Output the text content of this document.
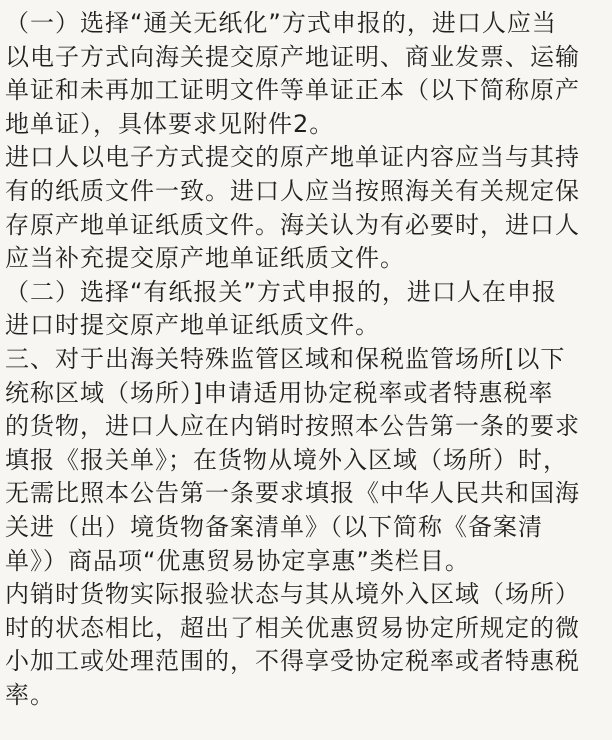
（一）选择“通关无纸化”方式申报的，进口人应当
以电子方式向海关提交原产地证明、商业发票、运输
单证和未再加工证明文件等单证正本（以下简称原产
地单证），具体要求见附件2。

进口人以电子方式提交的原产地单证内容应当与其持
有的纸质文件一致。进口人应当按照海关有关规定保
存原产地单证纸质文件。海关认为有必要时，进口人
应当补充提交原产地单证纸质文件。

（二）选择“有纸报关”方式申报的，进口人在申报
进口时提交原产地单证纸质文件。

三、对于出海关特殊监管区域和保税监管场所[以下
统称区域（场所）]申请适用协定税率或者特惠税率
的货物，进口人应在内销时按照本公告第一条的要求
填报《报关单》；在货物从境外入区域（场所）时，
无需比照本公告第一条要求填报《中华人民共和国海
关进（出）境货物备案清单》（以下简称《备案清
单》）商品项“优惠贸易协定享惠”类栏目。

内销时货物实际报验状态与其从境外入区域（场所）
时的状态相比，超出了相关优惠贸易协定所规定的微
小加工或处理范围的，不得享受协定税率或者特惠税
率。
